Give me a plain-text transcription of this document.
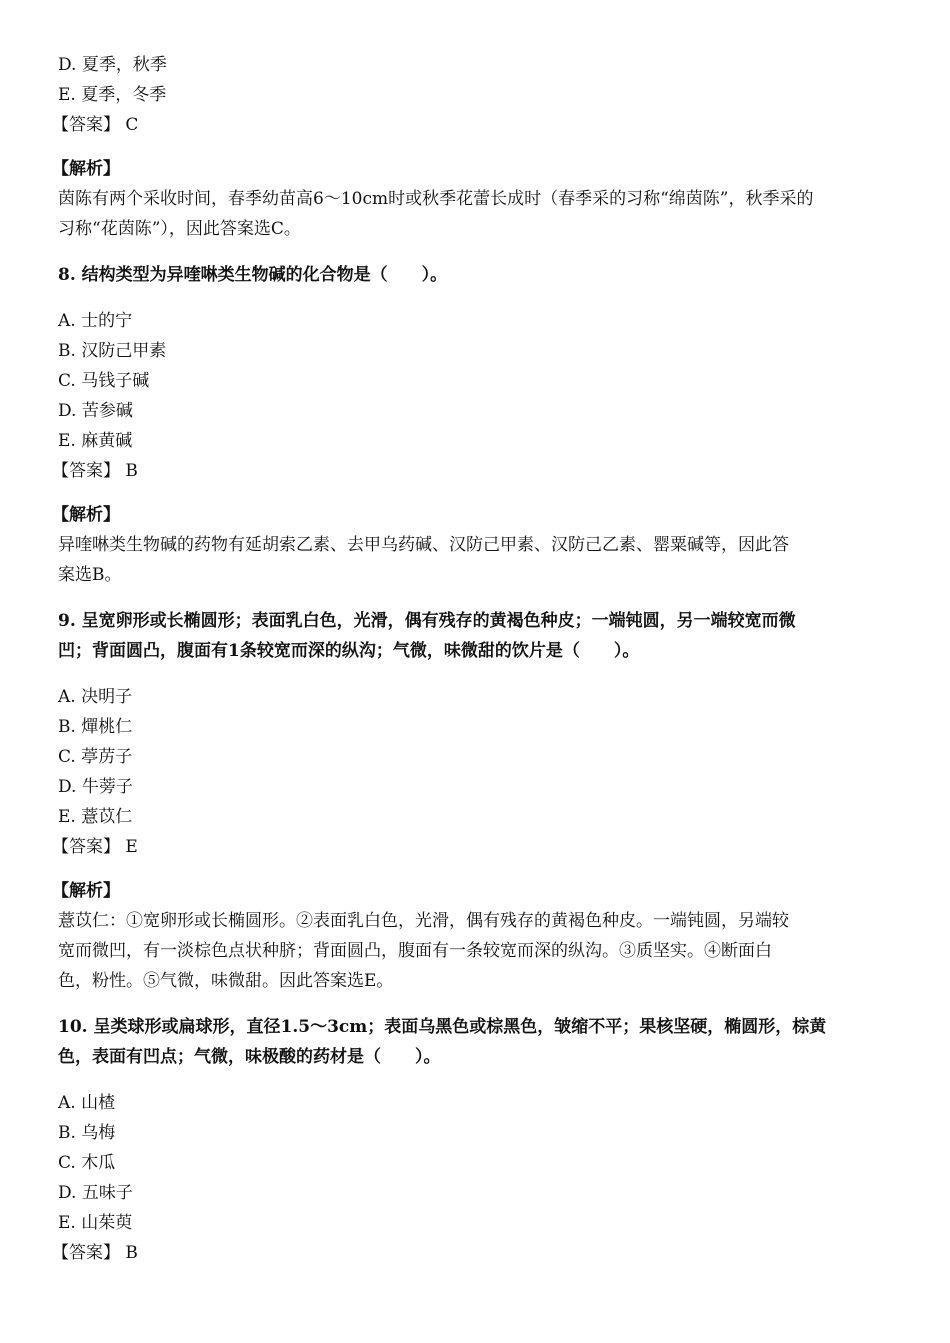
D. 夏季，秋季
E. 夏季，冬季
【答案】 C
【解析】
茵陈有两个采收时间，春季幼苗高6～10cm时或秋季花蕾长成时（春季采的习称“绵茵陈”，秋季采的
习称“花茵陈”），因此答案选C。
8. 结构类型为异喹啉类生物碱的化合物是（　　）。
A. 士的宁
B. 汉防己甲素
C. 马钱子碱
D. 苦参碱
E. 麻黄碱
【答案】 B
【解析】
异喹啉类生物碱的药物有延胡索乙素、去甲乌药碱、汉防己甲素、汉防己乙素、罂粟碱等，因此答
案选B。
9. 呈宽卵形或长椭圆形；表面乳白色，光滑，偶有残存的黄褐色种皮；一端钝圆，另一端较宽而微
凹；背面圆凸，腹面有1条较宽而深的纵沟；气微，味微甜的饮片是（　　）。
A. 决明子
B. 燀桃仁
C. 葶苈子
D. 牛蒡子
E. 薏苡仁
【答案】 E
【解析】
薏苡仁：①宽卵形或长椭圆形。②表面乳白色，光滑，偶有残存的黄褐色种皮。一端钝圆，另端较
宽而微凹，有一淡棕色点状种脐；背面圆凸，腹面有一条较宽而深的纵沟。③质坚实。④断面白
色，粉性。⑤气微，味微甜。因此答案选E。
10. 呈类球形或扁球形，直径1.5～3cm；表面乌黑色或棕黑色，皱缩不平；果核坚硬，椭圆形，棕黄
色，表面有凹点；气微，味极酸的药材是（　　）。
A. 山楂
B. 乌梅
C. 木瓜
D. 五味子
E. 山茱萸
【答案】 B
